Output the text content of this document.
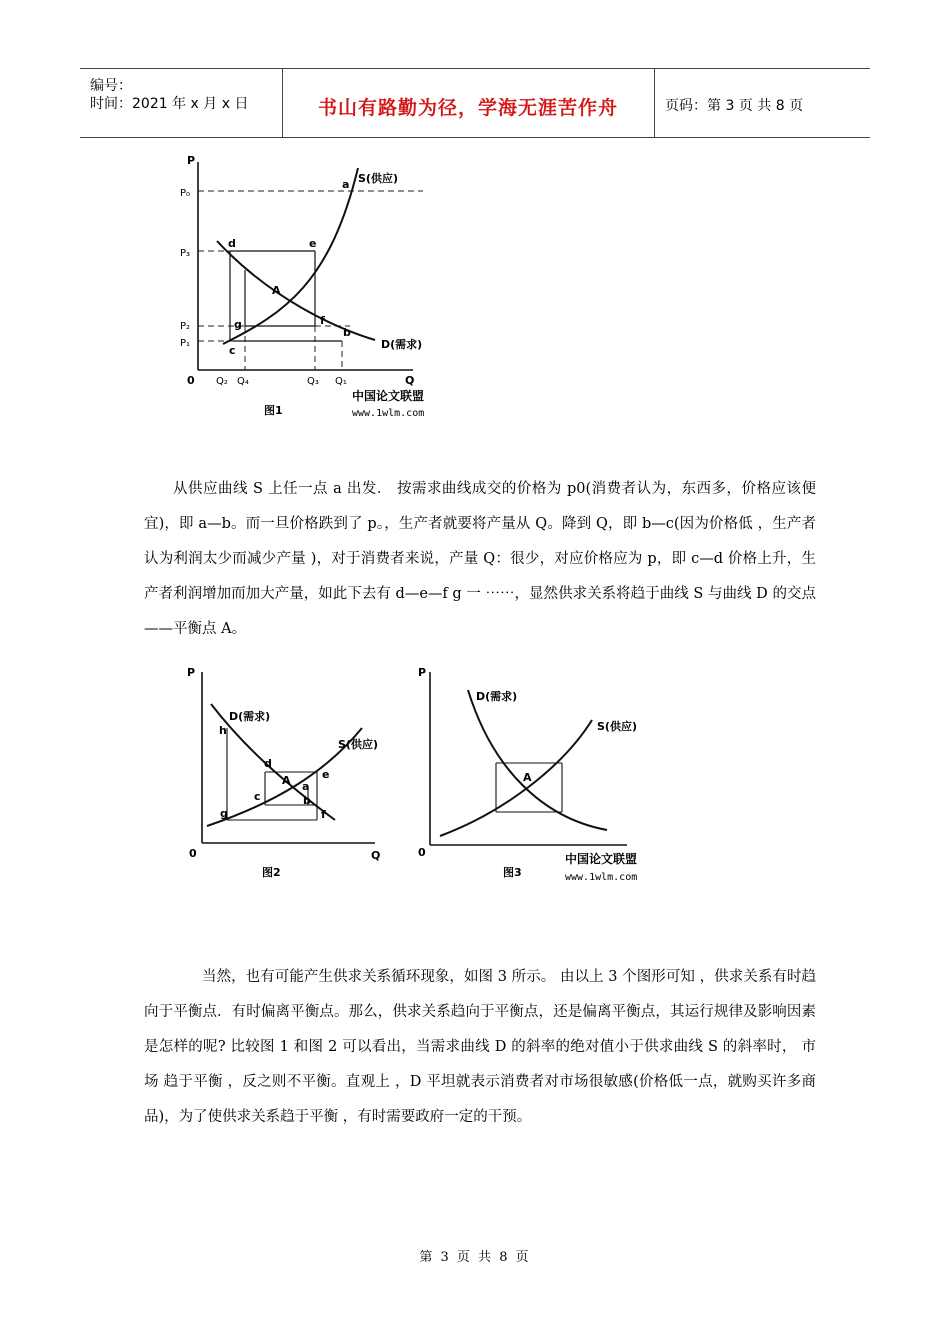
编号：
时间：2021 年 x 月 x 日	书山有路勤为径，学海无涯苦作舟	页码：第 3 页 共 8 页
P
Q
0
P₀
P₃
P₂
P₁
Q₂ Q₄	Q₃ Q₁
S(供应)
D(需求)
a
b
c
d	e
f
g
A
图1
中国论文联盟
www.1wlm.com

从供应曲线 S 上任一点 a 出发． 按需求曲线成交的价格为 p0(消费者认为，东西多，价格应该便宜)，即 a—b。而一旦价格跌到了 p。，生产者就要将产量从 Q。降到 Q，即 b—c(因为价格低 ，生产者认为利润太少而减少产量 )，对于消费者来说，产量 Q：很少，对应价格应为 p，即 c—d 价格上升，生产者利润增加而加大产量，如此下去有 d—e—f g 一 ⋯⋯，显然供求关系将趋于曲线 S 与曲线 D 的交点——平衡点 A。

P
Q
0
D(需求)
S(供应)
h
d
e
c
a
b
f
g
A
图2
P
0
D(需求)
S(供应)
A
图3
中国论文联盟
www.1wlm.com

当然，也有可能产生供求关系循环现象，如图 3 所示。 由以上 3 个图形可知 ，供求关系有时趋向于平衡点．有时偏离平衡点。那么，供求关系趋向于平衡点，还是偏离平衡点，其运行规律及影响因素是怎样的呢? 比较图 1 和图 2 可以看出，当需求曲线 D 的斜率的绝对值小于供求曲线 S 的斜率时， 市场 趋于平衡 ，反之则不平衡。直观上 ，D 平坦就表示消费者对市场很敏感(价格低一点，就购买许多商 品)，为了使供求关系趋于平衡 ，有时需要政府一定的干预。

第 3 页 共 8 页
